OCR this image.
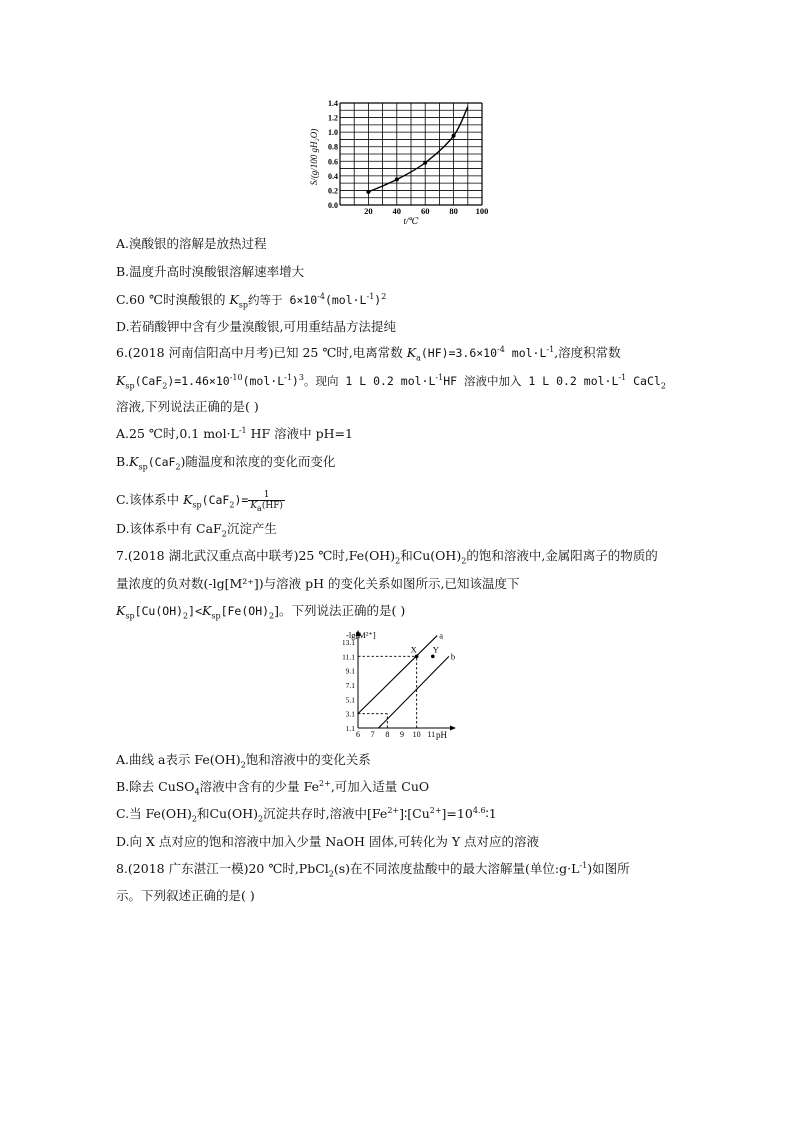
20 40 60 80 100
0.0
0.2
0.4
0.6
0.8
1.0
1.2
1.4
S/(g/100 gH₂O)
t/℃
A.溴酸银的溶解是放热过程
B.温度升高时溴酸银溶解速率增大
C.60 ℃时溴酸银的 $K_{sp}$约等于 $6\times 10^{-4}(mol\cdot L^{-1})^2$
D.若硝酸钾中含有少量溴酸银,可用重结晶方法提纯
6.(2018 河南信阳高中月考)已知 25 ℃时,电离常数 $K_a(HF)=3.6\times 10^{-4}$ $mol\cdot L^{-1}$,溶度积常数
$K_{sp}(CaF_2)=1.46\times 10^{-10}(mol\cdot L^{-1})^3$。现向 1 L 0.2 $mol\cdot L^{-1}HF$ 溶液中加入 1 L 0.2 $mol\cdot L^{-1}$ CaCl$_2$
溶液,下列说法正确的是( )
A.25 ℃时,0.1 $mol\cdot L^{-1}$ HF 溶液中 pH=1
$B.K_{sp}(CaF_2)$随温度和浓度的变化而变化
C.该体系中 $K_{sp}(CaF_2)= \frac{1}{K_a(HF)}$
D.该体系中有 CaF$_2$沉淀产生
7.(2018 湖北武汉重点高中联考)25 ℃时$,Fe(OH)_2$和$Cu(OH)_2$的饱和溶液中,金属阳离子的物质的
量浓度的负对数(-lg[M²⁺])与溶液 pH 的变化关系如图所示,已知该温度下
$K_{sp}[Cu(OH)_2]<K_{sp}[Fe(OH)_2]$。下列说法正确的是( )
a
b
6 7 8 9 10 11
1.1
3.1
5.1
7.1
9.1
11.1
13.1
X Y
-lg[M²⁺]
pH
A.曲线 a表示 $Fe(OH)_2$饱和溶液中的变化关系
B.除去 CuSO$_4$溶液中含有的少量 $Fe^{2+}$,可加入适量 CuO
C.当 $Fe(OH)_2$和$Cu(OH)_2$沉淀共存时,溶液中$[Fe^{2+}]∶[Cu^{2+}]=10^{4.6}∶1$
D.向 X 点对应的饱和溶液中加入少量 NaOH 固体,可转化为 Y 点对应的溶液
8.(2018 广东湛江一模)20 ℃时,PbCl$_2$(s)在不同浓度盐酸中的最大溶解量(单位$:g\cdot L^{-1}$)如图所
示。下列叙述正确的是( )
